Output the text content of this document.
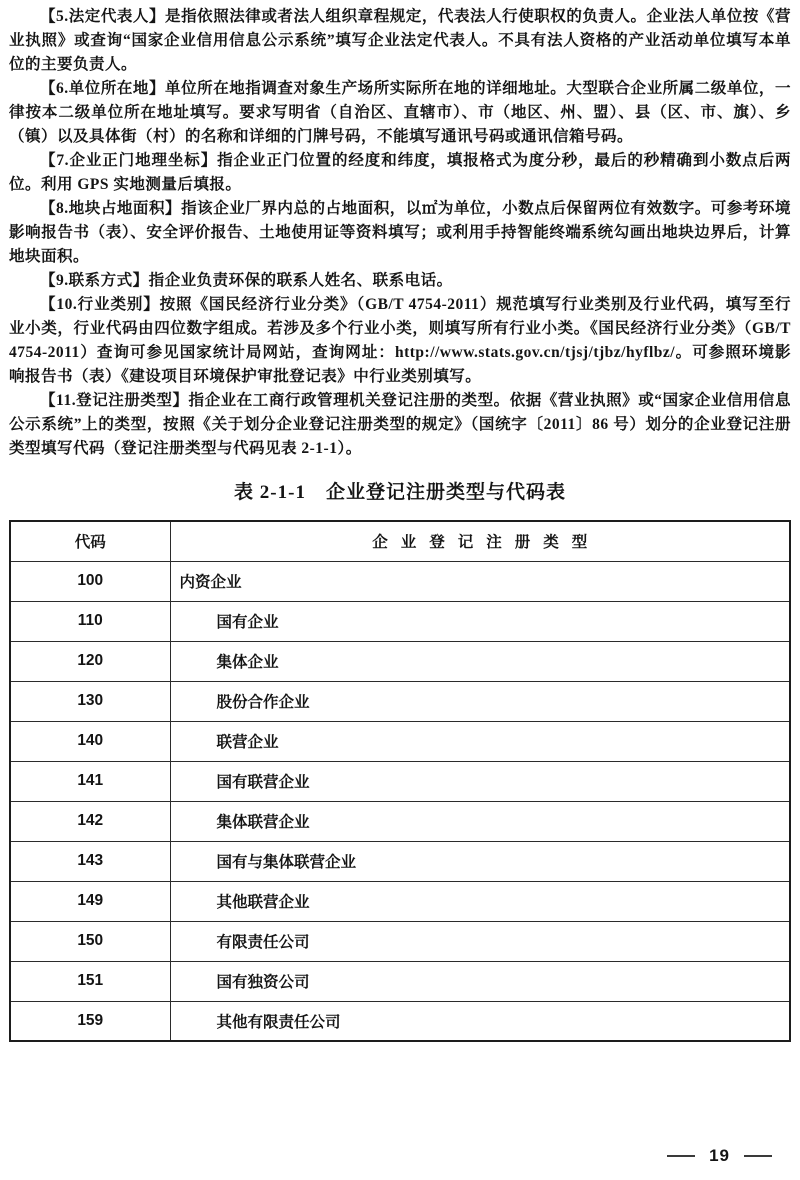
【5.法定代表人】是指依照法律或者法人组织章程规定，代表法人行使职权的负责人。企业法人单位按《营业执照》或查询“国家企业信用信息公示系统”填写企业法定代表人。不具有法人资格的产业活动单位填写本单位的主要负责人。

【6.单位所在地】单位所在地指调查对象生产场所实际所在地的详细地址。大型联合企业所属二级单位，一律按本二级单位所在地址填写。要求写明省（自治区、直辖市）、市（地区、州、盟）、县（区、市、旗）、乡（镇）以及具体街（村）的名称和详细的门牌号码，不能填写通讯号码或通讯信箱号码。

【7.企业正门地理坐标】指企业正门位置的经度和纬度，填报格式为度分秒，最后的秒精确到小数点后两位。利用 GPS 实地测量后填报。

【8.地块占地面积】指该企业厂界内总的占地面积，以㎡为单位，小数点后保留两位有效数字。可参考环境影响报告书（表）、安全评价报告、土地使用证等资料填写；或利用手持智能终端系统勾画出地块边界后，计算地块面积。

【9.联系方式】指企业负责环保的联系人姓名、联系电话。

【10.行业类别】按照《国民经济行业分类》（GB/T 4754-2011）规范填写行业类别及行业代码，填写至行业小类，行业代码由四位数字组成。若涉及多个行业小类，则填写所有行业小类。《国民经济行业分类》（GB/T 4754-2011）查询可参见国家统计局网站，查询网址：http://www.stats.gov.cn/tjsj/tjbz/hyflbz/。可参照环境影响报告书（表）《建设项目环境保护审批登记表》中行业类别填写。

【11.登记注册类型】指企业在工商行政管理机关登记注册的类型。依据《营业执照》或“国家企业信用信息公示系统”上的类型，按照《关于划分企业登记注册类型的规定》（国统字〔2011〕86 号）划分的企业登记注册类型填写代码（登记注册类型与代码见表 2-1-1）。

表 2-1-1　企业登记注册类型与代码表
代码	企业登记注册类型
100	内资企业
110	国有企业
120	集体企业
130	股份合作企业
140	联营企业
141	国有联营企业
142	集体联营企业
143	国有与集体联营企业
149	其他联营企业
150	有限责任公司
151	国有独资公司
159	其他有限责任公司
19
